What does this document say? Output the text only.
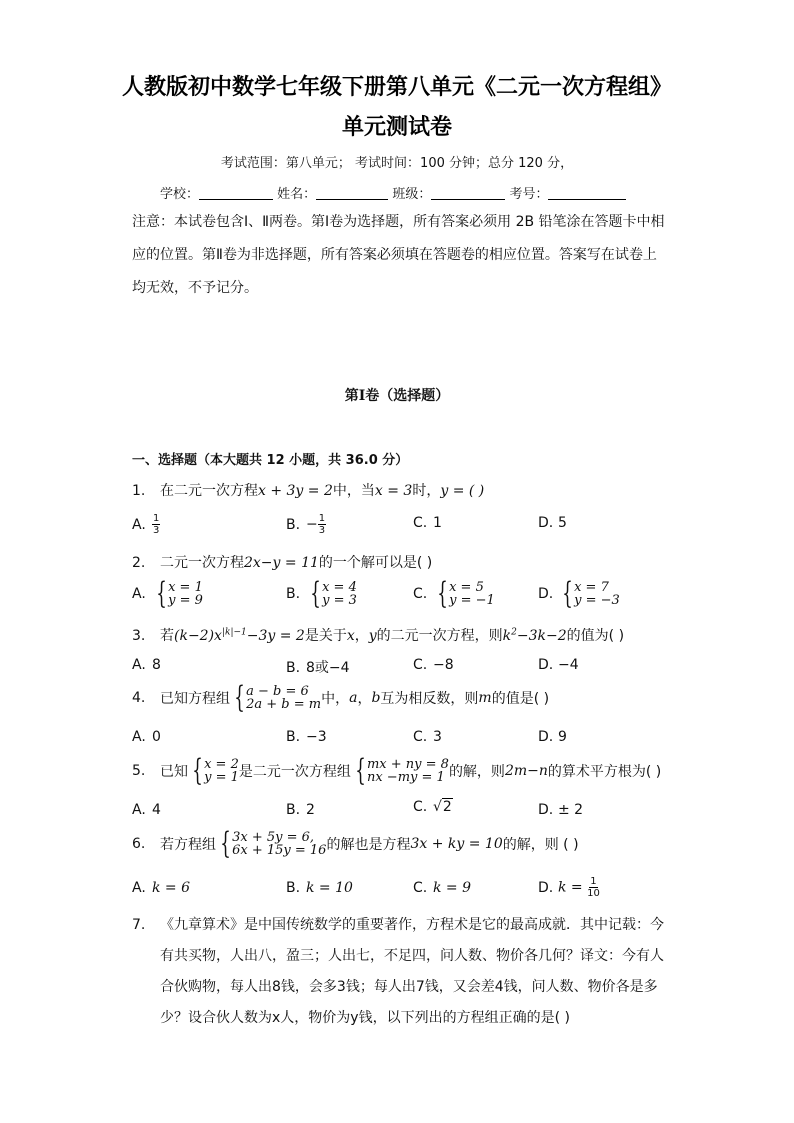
人教版初中数学七年级下册第八单元《二元一次方程组》
单元测试卷
考试范围：第八单元； 考试时间：100 分钟；总分 120 分，
学校：	姓名：	班级：	考号：
注意：本试卷包含Ⅰ、Ⅱ两卷。第Ⅰ卷为选择题，所有答案必须用 2B 铅笔涂在答题卡中相应的位置。第Ⅱ卷为非选择题，所有答案必须填在答题卷的相应位置。答案写在试卷上均无效，不予记分。
第Ⅰ卷（选择题）
一、选择题（本大题共 12 小题，共 36.0 分）
1. 在二元一次方程x + 3y = 2中，当x = 3时，y = ( )
A. $\frac{1}{3}$	B. − $\frac{1}{3}$	C. 1	D. 5
2. 二元一次方程2x−y = 11的一个解可以是( )
A. { x = 1
y = 9	B. { x = 4
y = 3	C. { x = 5
y = −1	D. { x = 7
y = −3
3. 若$(k-2)x^{|k|-1}-3y = 2$是关于x，y的二元一次方程，则$k^2-3k-2$的值为( )
A. 8	B. 8或−4	C. −8	D. −4
4. 已知方程组 { a − b = 6
2a + b = m 中，a，b互为相反数，则m的值是( )
A. 0	B. −3	C. 3	D. 9
5. 已知 { x = 2
y = 1 是二元一次方程组 { mx + ny = 8
nx −my = 1 的解，则2m−n的算术平方根为( )
A. 4	B. 2	C. √2	D. ± 2
6. 若方程组 { 3x + 5y = 6,
6x + 15y = 16 的解也是方程3x + ky = 10的解，则 ( )
A. k = 6	B. k = 10	C. k = 9	D. $k = \frac{1}{10}$
7. 《九章算术》是中国传统数学的重要著作，方程术是它的最高成就．其中记载：今有共买物，人出八，盈三；人出七，不足四，问人数、物价各几何？译文：今有人合伙购物，每人出8钱，会多3钱；每人出7钱，又会差4钱，问人数、物价各是多少？设合伙人数为x人，物价为y钱，以下列出的方程组正确的是( )
